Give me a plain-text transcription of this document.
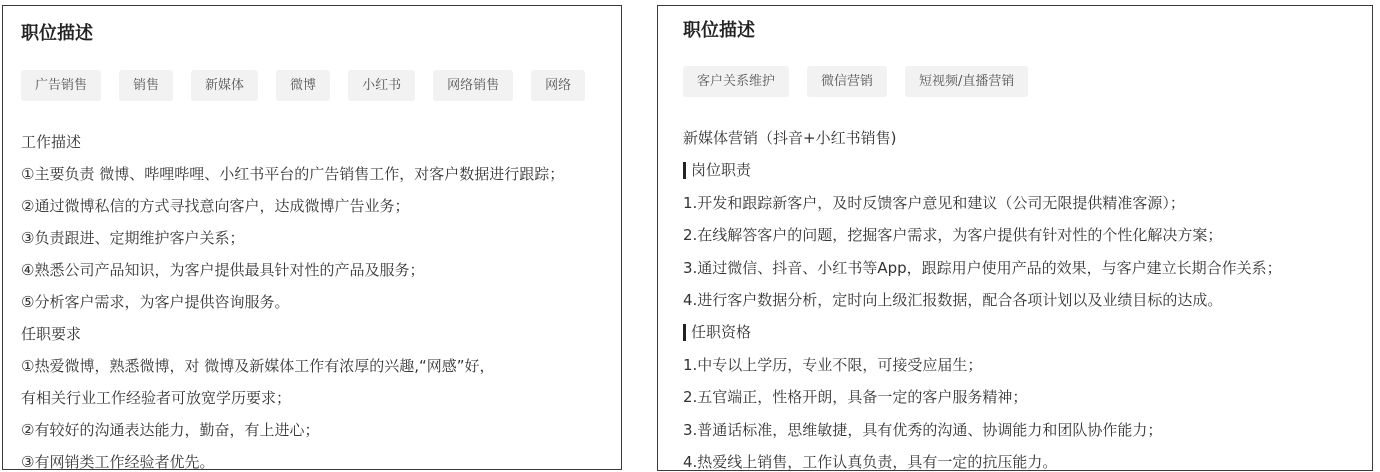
职位描述
广告销售	销售	新媒体	微博	小红书	网络销售	网络
工作描述
①主要负责 微博、哔哩哔哩、小红书平台的广告销售工作，对客户数据进行跟踪；
②通过微博私信的方式寻找意向客户，达成微博广告业务；
③负责跟进、定期维护客户关系；
④熟悉公司产品知识，为客户提供最具针对性的产品及服务；
⑤分析客户需求，为客户提供咨询服务。
任职要求
①热爱微博，熟悉微博，对 微博及新媒体工作有浓厚的兴趣,“网感”好，
有相关行业工作经验者可放宽学历要求；
②有较好的沟通表达能力，勤奋，有上进心；
③有网销类工作经验者优先。
职位描述
客户关系维护	微信营销	短视频/直播营销
新媒体营销（抖音+小红书销售)
岗位职责
1.开发和跟踪新客户，及时反馈客户意见和建议（公司无限提供精准客源）；
2.在线解答客户的问题，挖掘客户需求，为客户提供有针对性的个性化解决方案；
3.通过微信、抖音、小红书等App，跟踪用户使用产品的效果，与客户建立长期合作关系；
4.进行客户数据分析，定时向上级汇报数据，配合各项计划以及业绩目标的达成。
任职资格
1.中专以上学历，专业不限，可接受应届生；
2.五官端正，性格开朗，具备一定的客户服务精神；
3.普通话标准，思维敏捷，具有优秀的沟通、协调能力和团队协作能力；
4.热爱线上销售，工作认真负责，具有一定的抗压能力。
